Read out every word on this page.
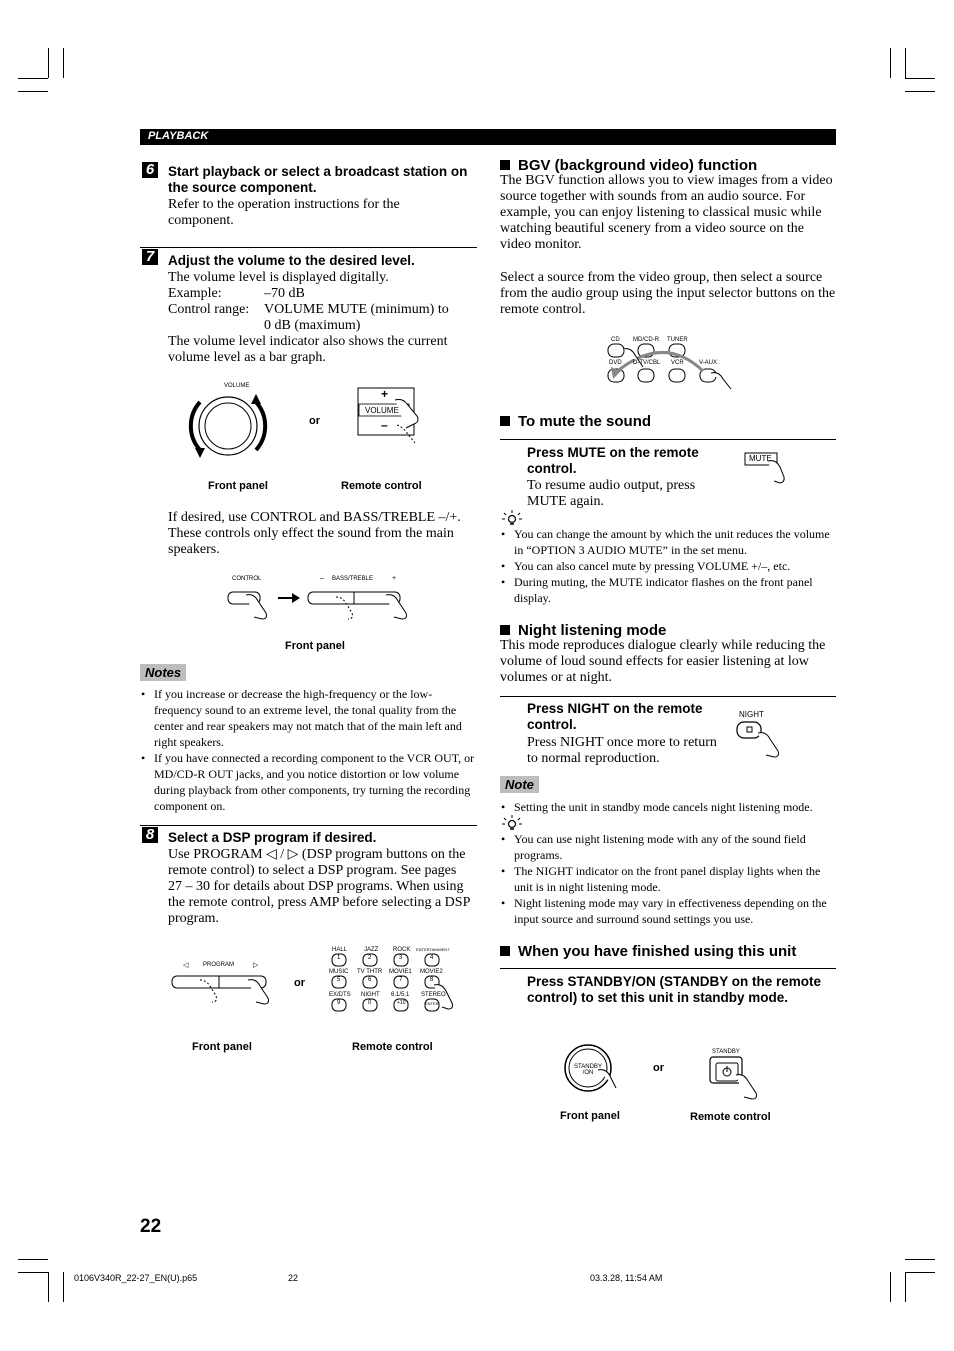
PLAYBACK
6 Start playback or select a broadcast station on the source component.
Refer to the operation instructions for the component.
7 Adjust the volume to the desired level.
The volume level is displayed digitally.
Example:	–70 dB
Control range: VOLUME MUTE (minimum) to
0 dB (maximum)
The volume level indicator also shows the current volume level as a bar graph.
VOLUME
or
+
VOLUME
–
Front panel	Remote control
If desired, use CONTROL and BASS/TREBLE –/+. These controls only effect the sound from the main speakers.
CONTROL	– BASS/TREBLE	+
Front panel
Notes
• If you increase or decrease the high-frequency or the low-frequency sound to an extreme level, the tonal quality from the center and rear speakers may not match that of the main left and right speakers.
• If you have connected a recording component to the VCR OUT, or MD/CD-R OUT jacks, and you notice distortion or low volume during playback from other components, try turning the recording component on.
8 Select a DSP program if desired.
Use PROGRAM ◁ / ▷ (DSP program buttons on the remote control) to select a DSP program. See pages 27 – 30 for details about DSP programs. When using the remote control, press AMP before selecting a DSP program.
◁ PROGRAM	▷
or
HALL	JAZZ ROCK ENTERTAINMENT
1	2	3	4
MUSIC TV THTR MOVIE1 MOVIE2
5	6	7	8
EX/DTS NIGHT 6.1/5.1 STEREO
9	0	+10	ENTER
Front panel	Remote control
BGV (background video) function
The BGV function allows you to view images from a video source together with sounds from an audio source. For example, you can enjoy listening to classical music while watching beautiful scenery from a video source on the video monitor.
Select a source from the video group, then select a source from the audio group using the input selector buttons on the remote control.
CD MD/CD-R TUNER
DVD D-TV/CBL VCR	V-AUX
To mute the sound
Press MUTE on the remote control.
To resume audio output, press MUTE again.
MUTE
• You can change the amount by which the unit reduces the volume in “OPTION 3 AUDIO MUTE” in the set menu.
• You can also cancel mute by pressing VOLUME +/–, etc.
• During muting, the MUTE indicator flashes on the front panel display.
Night listening mode
This mode reproduces dialogue clearly while reducing the volume of loud sound effects for easier listening at low volumes or at night.
Press NIGHT on the remote control.
Press NIGHT once more to return to normal reproduction.
NIGHT
Note
• Setting the unit in standby mode cancels night listening mode.
• You can use night listening mode with any of the sound field programs.
• The NIGHT indicator on the front panel display lights when the unit is in night listening mode.
• Night listening mode may vary in effectiveness depending on the input source and surround sound settings you use.
When you have finished using this unit
Press STANDBY/ON (STANDBY on the remote control) to set this unit in standby mode.
STANDBY
/ON	or
STANDBY
Front panel	Remote control
22
0106V340R_22-27_EN(U).p65	22	03.3.28, 11:54 AM
